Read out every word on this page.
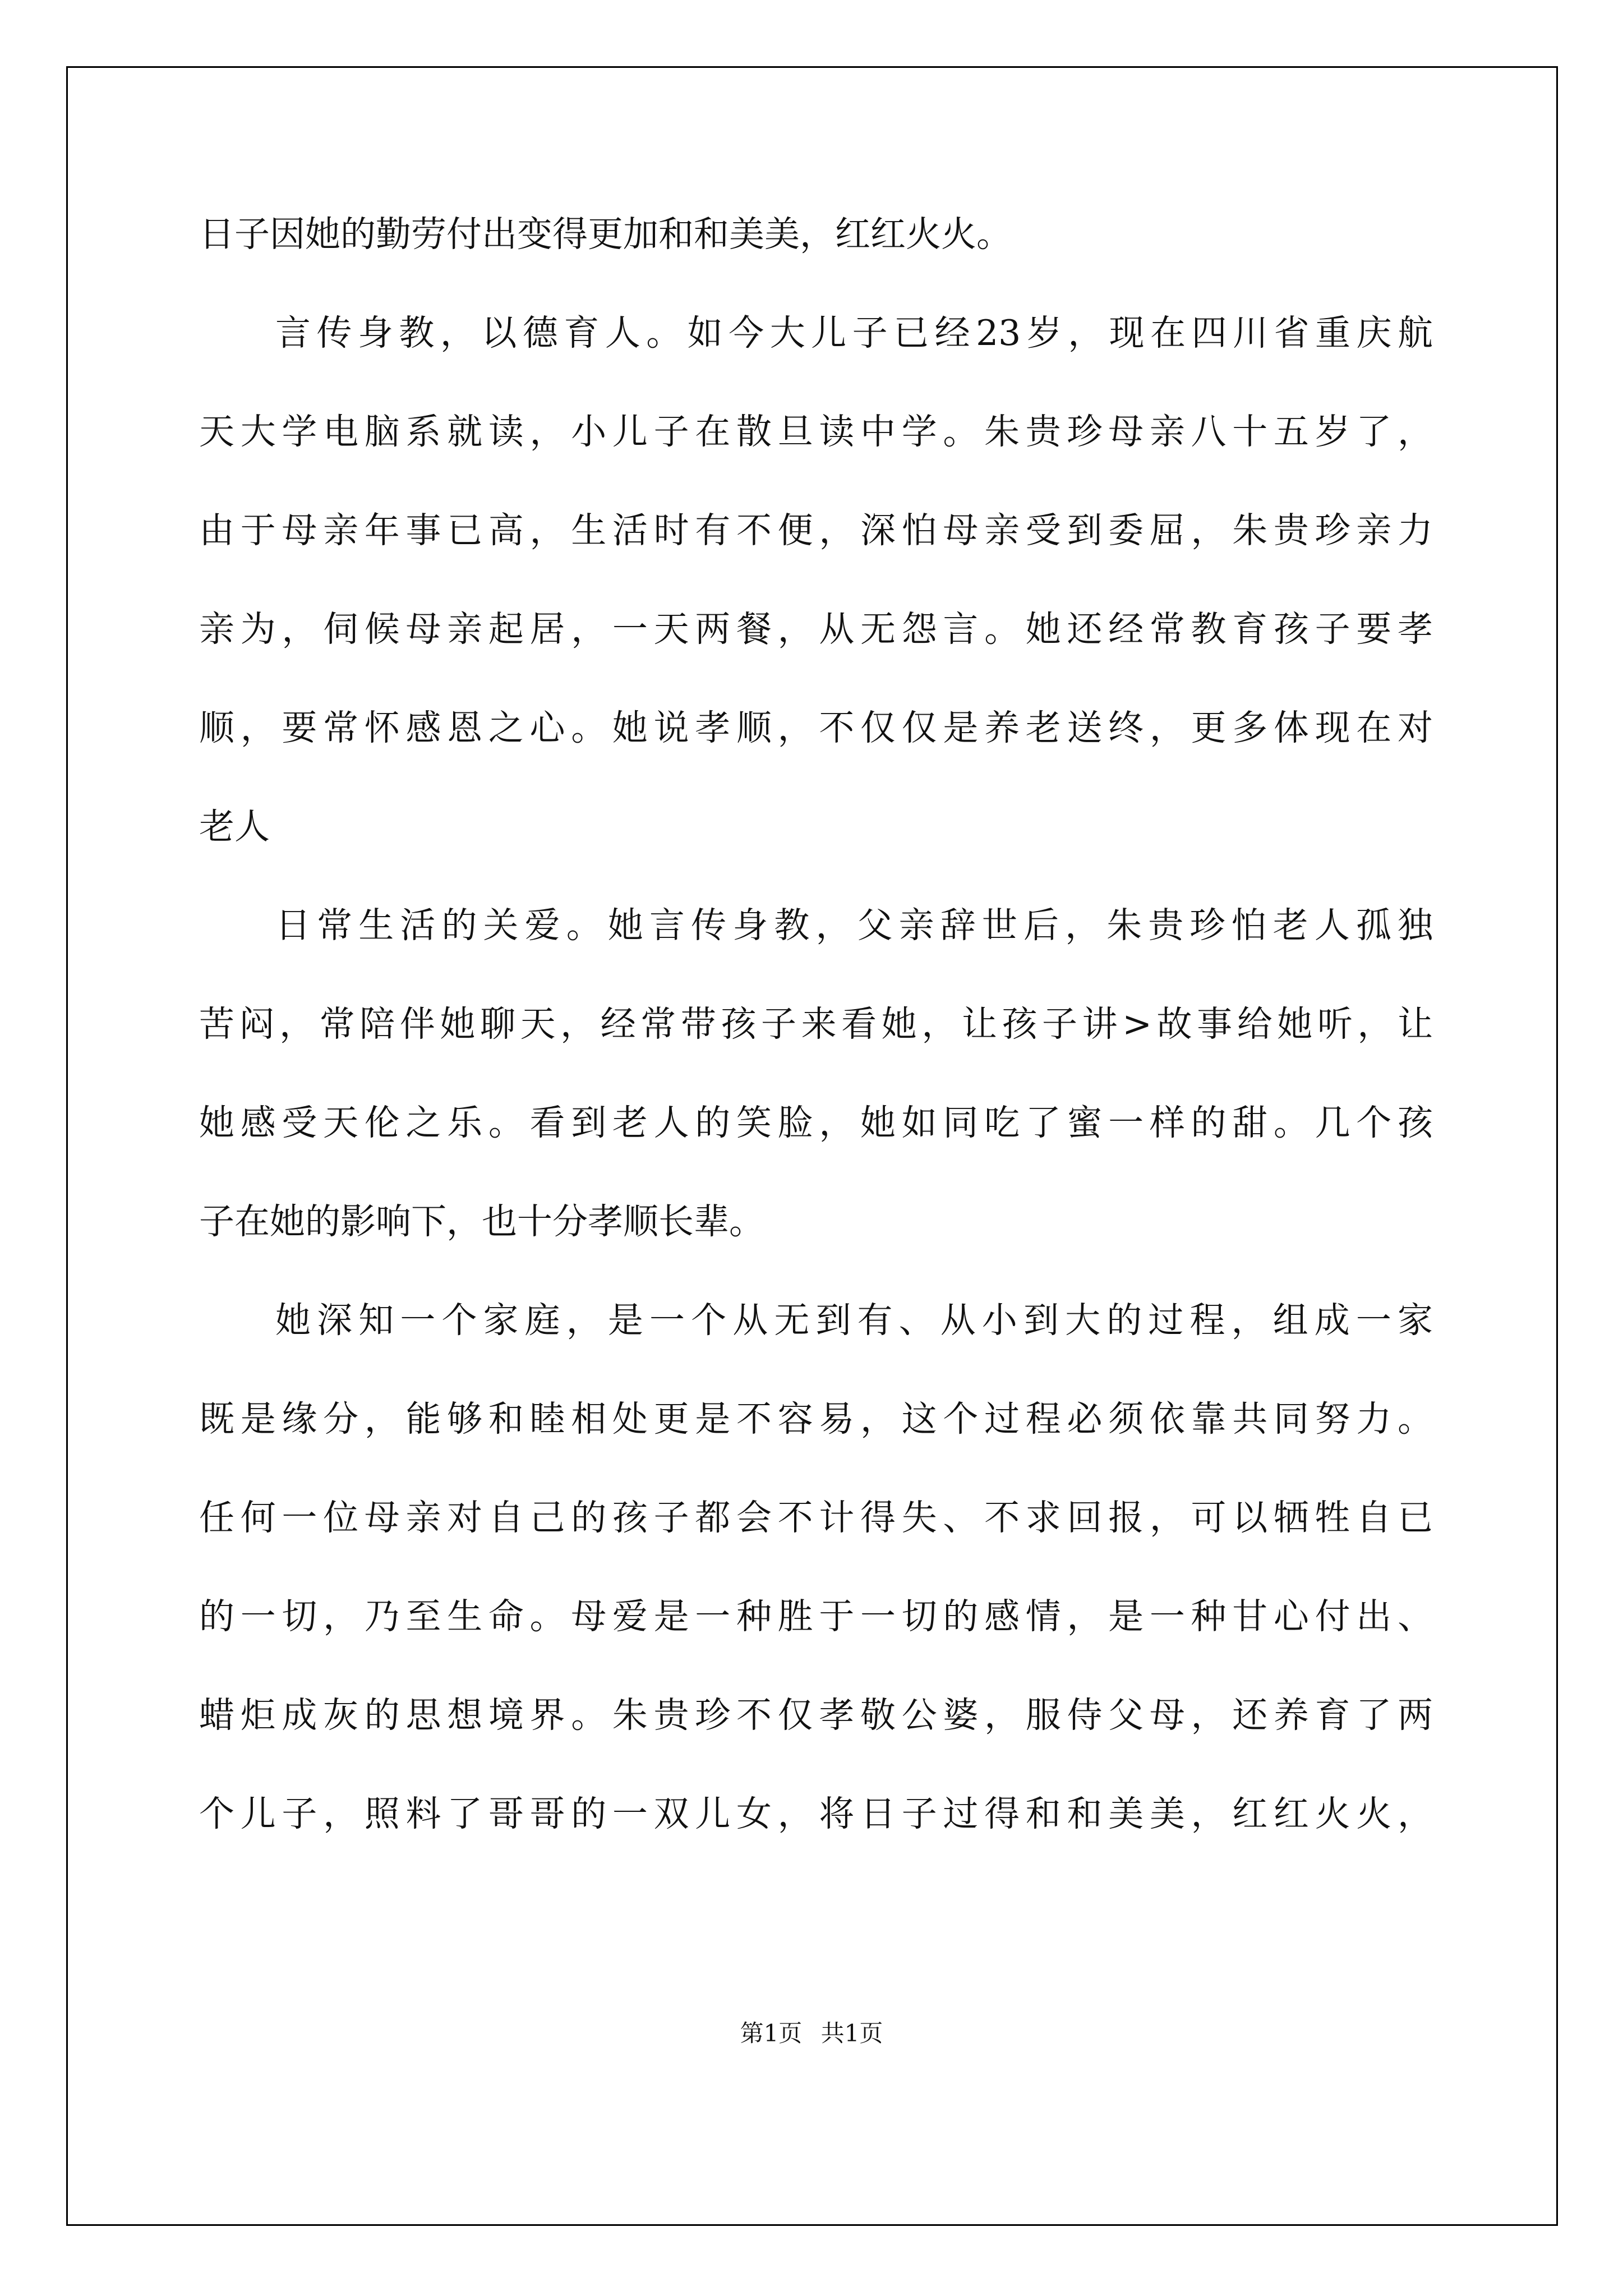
日子因她的勤劳付出变得更加和和美美，红红火火。
言传身教，以德育人。如今大儿子已经23岁，现在四川省重庆航
天大学电脑系就读，小儿子在散旦读中学。朱贵珍母亲八十五岁了，
由于母亲年事已高，生活时有不便，深怕母亲受到委屈，朱贵珍亲力
亲为，伺候母亲起居，一天两餐，从无怨言。她还经常教育孩子要孝
顺，要常怀感恩之心。她说孝顺，不仅仅是养老送终，更多体现在对
老人
日常生活的关爱。她言传身教，父亲辞世后，朱贵珍怕老人孤独
苦闷，常陪伴她聊天，经常带孩子来看她，让孩子讲>故事给她听，让
她感受天伦之乐。看到老人的笑脸，她如同吃了蜜一样的甜。几个孩
子在她的影响下，也十分孝顺长辈。
她深知一个家庭，是一个从无到有、从小到大的过程，组成一家
既是缘分，能够和睦相处更是不容易，这个过程必须依靠共同努力。
任何一位母亲对自己的孩子都会不计得失、不求回报，可以牺牲自已
的一切，乃至生命。母爱是一种胜于一切的感情，是一种甘心付出、
蜡炬成灰的思想境界。朱贵珍不仅孝敬公婆，服侍父母，还养育了两
个儿子，照料了哥哥的一双儿女，将日子过得和和美美，红红火火，
第1页 共1页
